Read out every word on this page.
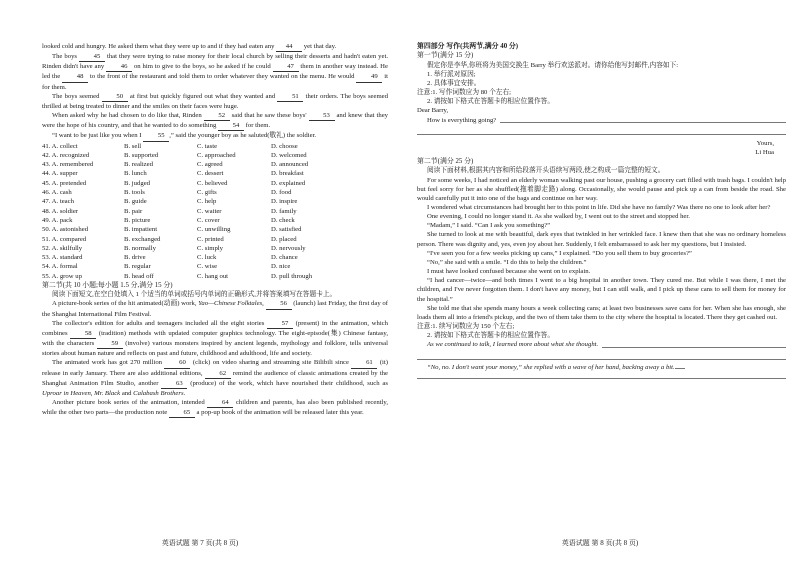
looked cold and hungry. He asked them what they were up to and if they had eaten any 44 yet that day.

The boys 45 that they were trying to raise money for their local church by selling their desserts and hadn't eaten yet. Rinden didn't have any 46 on him to give to the boys, so he asked if he could 47 them in another way instead. He led the 48 to the front of the restaurant and told them to order whatever they wanted on the menu. He would 49 it for them.

The boys seemed 50 at first but quickly figured out what they wanted and 51 their orders. The boys seemed thrilled at being treated to dinner and the smiles on their faces were huge.

When asked why he had chosen to do like that, Rinden 52 said that he saw these boys' 53 and knew that they were the hope of his country, and that he wanted to do something 54 for them.

“I want to be just like you when I 55 ,” said the younger boy as he saluted(敬礼) the soldier.

41. A. collect	B. sell	C. taste	D. choose
42. A. recognized	B. supported	C. approached	D. welcomed
43. A. remembered	B. realized	C. agreed	D. announced
44. A. supper	B. lunch	C. dessert	D. breakfast
45. A. pretended	B. judged	C. believed	D. explained
46. A. cash	B. tools	C. gifts	D. food
47. A. teach	B. guide	C. help	D. inspire
48. A. soldier	B. pair	C. waiter	D. family
49. A. pack	B. picture	C. cover	D. check
50. A. astonished	B. impatient	C. unwilling	D. satisfied
51. A. compared	B. exchanged	C. printed	D. placed
52. A. skilfully	B. normally	C. simply	D. nervously
53. A. standard	B. drive	C. luck	D. chance
54. A. formal	B. regular	C. wise	D. nice
55. A. grow up	B. head off	C. hang out	D. pull through
第二节(共 10 小题;每小题 1.5 分,满分 15 分)
阅读下面短文,在空白处填入 1 个适当的单词或括号内单词的正确形式,并将答案填写在答题卡上。

A picture-book series of the hit animated(动画) work, Yao—Chinese Folktales, 56 (launch) last Friday, the first day of the Shanghai International Film Festival.

The collector's edition for adults and teenagers included all the eight stories 57 (present) in the animation, which combines 58 (tradition) methods with updated computer graphics technology. The eight-episode(集) Chinese fantasy, with the characters 59 (involve) various monsters inspired by ancient legends, mythology and folklore, tells universal stories about human nature and reflects on past and future, childhood and adulthood, life and society.

The animated work has got 270 million 60 (click) on video sharing and streaming site Bilibili since 61 (it) release in early January. There are also additional editions, 62 remind the audience of classic animations created by the Shanghai Animation Film Studio, another 63 (produce) of the work, which have nourished their childhood, such as Uproar in Heaven, Mr. Black and Calabash Brothers.

Another picture book series of the animation, intended 64 children and parents, has also been published recently, while the other two parts—the production note 65 a pop-up book of the animation will be released later this year.

英语试题 第 7 页(共 8 页)
第四部分 写作(共两节,满分 40 分)
第一节(满分 15 分)
假定你是李华,你班将为美国交换生 Barry 举行欢送派对。请你给他写封邮件,内容如下:
1. 举行派对原因;
2. 具体事宜安排。
注意:1. 写作词数应为 80 个左右;
2. 请按如下格式在答题卡的相应位置作答。
Dear Barry,
How is everything going?
Yours,
Li Hua
第二节(满分 25 分)
阅读下面材料,根据其内容和所给段落开头语续写两段,使之构成一篇完整的短文。

For some weeks, I had noticed an elderly woman walking past our house, pushing a grocery cart filled with trash bags. I couldn't help but feel sorry for her as she shuffled(拖着脚走路) along. Occasionally, she would pause and pick up a can from beside the road. She would carefully put it into one of the bags and continue on her way.

I wondered what circumstances had brought her to this point in life. Did she have no family? Was there no one to look after her?

One evening, I could no longer stand it. As she walked by, I went out to the street and stopped her.

“Madam,” I said. “Can I ask you something?”

She turned to look at me with beautiful, dark eyes that twinkled in her wrinkled face. I knew then that she was no ordinary homeless person. There was dignity and, yes, even joy about her. Suddenly, I felt embarrassed to ask her my questions, but I insisted.

“I've seen you for a few weeks picking up cans,” I explained. “Do you sell them to buy groceries?”

“No,” she said with a smile. “I do this to help the children.”

I must have looked confused because she went on to explain.

“I had cancer—twice—and both times I went to a big hospital in another town. They cured me. But while I was there, I met the children, and I've never forgotten them. I don't have any money, but I can still walk, and I pick up these cans to sell them for money for the hospital.”

She told me that she spends many hours a week collecting cans; at least two businesses save cans for her. When she has enough, she loads them all into a friend's pickup, and the two of them take them to the city where the hospital is located. There they get cashed out.

注意:1. 续写词数应为 150 个左右;
2. 请按如下格式在答题卡的相应位置作答。
As we continued to talk, I learned more about what she thought.
“No, no. I don't want your money,” she replied with a wave of her hand, backing away a bit.
英语试题 第 8 页(共 8 页)
